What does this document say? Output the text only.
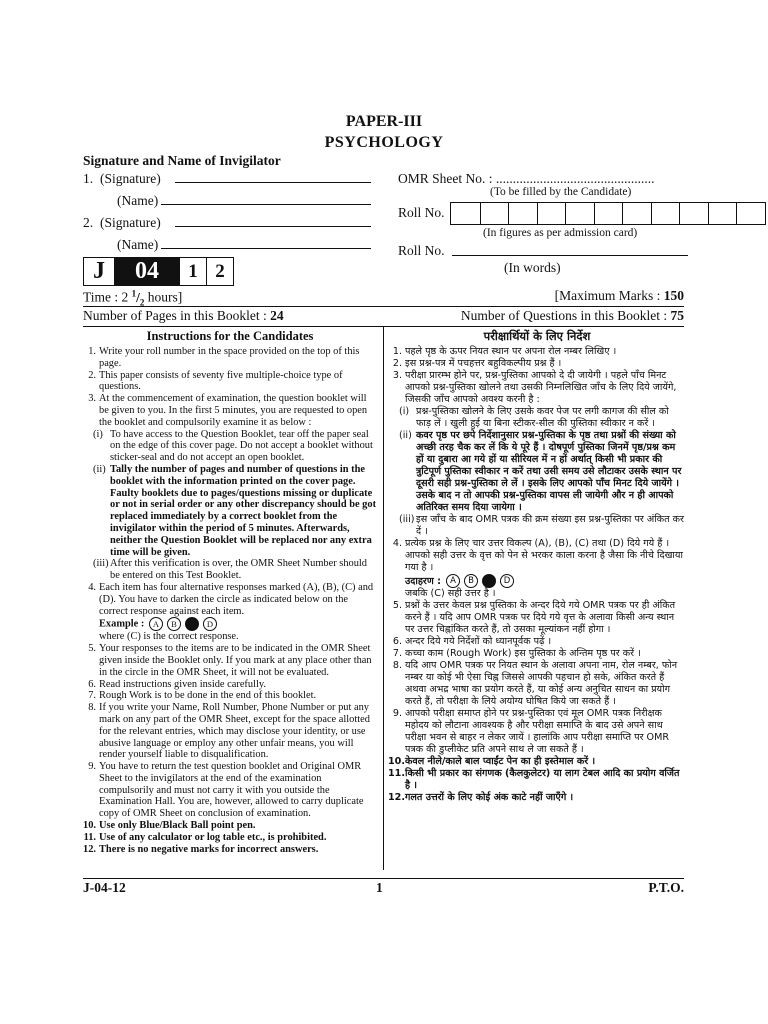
PAPER-III
PSYCHOLOGY
Signature and Name of Invigilator
1. (Signature)
(Name)
2. (Signature)
(Name)
OMR Sheet No. : ...............................................
(To be filled by the Candidate)
Roll No.
(In figures as per admission card)
Roll No.
(In words)
J	04	1 2
Time : 2 $^1/_2$ hours]	[Maximum Marks : 150
Number of Pages in this Booklet : 24	Number of Questions in this Booklet : 75
Instructions for the Candidates
1. Write your roll number in the space provided on the top of this page.
2. This paper consists of seventy five multiple-choice type of questions.
3. At the commencement of examination, the question booklet will be given to you. In the first 5 minutes, you are requested to open the booklet and compulsorily examine it as below :
(i) To have access to the Question Booklet, tear off the paper seal on the edge of this cover page. Do not accept a booklet without sticker-seal and do not accept an open booklet.
(ii) Tally the number of pages and number of questions in the booklet with the information printed on the cover page. Faulty booklets due to pages/questions missing or duplicate or not in serial order or any other discrepancy should be got replaced immediately by a correct booklet from the invigilator within the period of 5 minutes. Afterwards, neither the Question Booklet will be replaced nor any extra time will be given.
(iii) After this verification is over, the OMR Sheet Number should be entered on this Test Booklet.
4. Each item has four alternative responses marked (A), (B), (C) and (D). You have to darken the circle as indicated below on the correct response against each item.
Example : A B	D
where (C) is the correct response.
5. Your responses to the items are to be indicated in the OMR Sheet given inside the Booklet only. If you mark at any place other than in the circle in the OMR Sheet, it will not be evaluated.
6. Read instructions given inside carefully.
7. Rough Work is to be done in the end of this booklet.
8. If you write your Name, Roll Number, Phone Number or put any mark on any part of the OMR Sheet, except for the space allotted for the relevant entries, which may disclose your identity, or use abusive language or employ any other unfair means, you will render yourself liable to disqualification.
9. You have to return the test question booklet and Original OMR Sheet to the invigilators at the end of the examination compulsorily and must not carry it with you outside the Examination Hall. You are, however, allowed to carry duplicate copy of OMR Sheet on conclusion of examination.
10. Use only Blue/Black Ball point pen.
11. Use of any calculator or log table etc., is prohibited.
12. There is no negative marks for incorrect answers.
परीक्षार्थियों के लिए निर्देश
1. पहले पृष्ठ के ऊपर नियत स्थान पर अपना रोल नम्बर लिखिए ।
2. इस प्रश्न-पत्र में पचहत्तर बहुविकल्पीय प्रश्न हैं ।
3. परीक्षा प्रारम्भ होने पर, प्रश्न-पुस्तिका आपको दे दी जायेगी । पहले पाँच मिनट आपको प्रश्न-पुस्तिका खोलने तथा उसकी निम्नलिखित जाँच के लिए दिये जायेंगे, जिसकी जाँच आपको अवश्य करनी है :
(i) प्रश्न-पुस्तिका खोलने के लिए उसके कवर पेज पर लगी कागज की सील को फाड़ लें । खुली हुई या बिना स्टीकर-सील की पुस्तिका स्वीकार न करें ।
(ii) कवर पृष्ठ पर छपे निर्देशानुसार प्रश्न-पुस्तिका के पृष्ठ तथा प्रश्नों की संख्या को अच्छी तरह चैक कर लें कि ये पूरे हैं । दोषपूर्ण पुस्तिका जिनमें पृष्ठ/प्रश्न कम हों या दुबारा आ गये हों या सीरियल में न हों अर्थात् किसी भी प्रकार की त्रुटिपूर्ण पुस्तिका स्वीकार न करें तथा उसी समय उसे लौटाकर उसके स्थान पर दूसरी सही प्रश्न-पुस्तिका ले लें । इसके लिए आपको पाँच मिनट दिये जायेंगे । उसके बाद न तो आपकी प्रश्न-पुस्तिका वापस ली जायेगी और न ही आपको अतिरिक्त समय दिया जायेगा ।
(iii) इस जाँच के बाद OMR पत्रक की क्रम संख्या इस प्रश्न-पुस्तिका पर अंकित कर दें ।
4. प्रत्येक प्रश्न के लिए चार उत्तर विकल्प (A), (B), (C) तथा (D) दिये गये हैं । आपको सही उत्तर के वृत्त को पेन से भरकर काला करना है जैसा कि नीचे दिखाया गया है ।
उदाहरण : A B	D
जबकि (C) सही उत्तर है ।
5. प्रश्नों के उत्तर केवल प्रश्न पुस्तिका के अन्दर दिये गये OMR पत्रक पर ही अंकित करने हैं । यदि आप OMR पत्रक पर दिये गये वृत्त के अलावा किसी अन्य स्थान पर उत्तर चिह्नांकित करते हैं, तो उसका मूल्यांकन नहीं होगा ।
6. अन्दर दिये गये निर्देशों को ध्यानपूर्वक पढ़ें ।
7. कच्चा काम (Rough Work) इस पुस्तिका के अन्तिम पृष्ठ पर करें ।
8. यदि आप OMR पत्रक पर नियत स्थान के अलावा अपना नाम, रोल नम्बर, फोन नम्बर या कोई भी ऐसा चिह्न जिससे आपकी पहचान हो सके, अंकित करते हैं अथवा अभद्र भाषा का प्रयोग करते हैं, या कोई अन्य अनुचित साधन का प्रयोग करते हैं, तो परीक्षा के लिये अयोग्य घोषित किये जा सकते हैं ।
9. आपको परीक्षा समाप्त होने पर प्रश्न-पुस्तिका एवं मूल OMR पत्रक निरीक्षक महोदय को लौटाना आवश्यक है और परीक्षा समाप्ति के बाद उसे अपने साथ परीक्षा भवन से बाहर न लेकर जायें । हालांकि आप परीक्षा समाप्ति पर OMR पत्रक की डुप्लीकेट प्रति अपने साथ ले जा सकते हैं ।
10. केवल नीले/काले बाल प्वाईंट पेन का ही इस्तेमाल करें ।
11. किसी भी प्रकार का संगणक (कैलकुलेटर) या लाग टेबल आदि का प्रयोग वर्जित है ।
12. गलत उत्तरों के लिए कोई अंक काटे नहीं जाएँगे ।
J-04-12	1	P.T.O.
